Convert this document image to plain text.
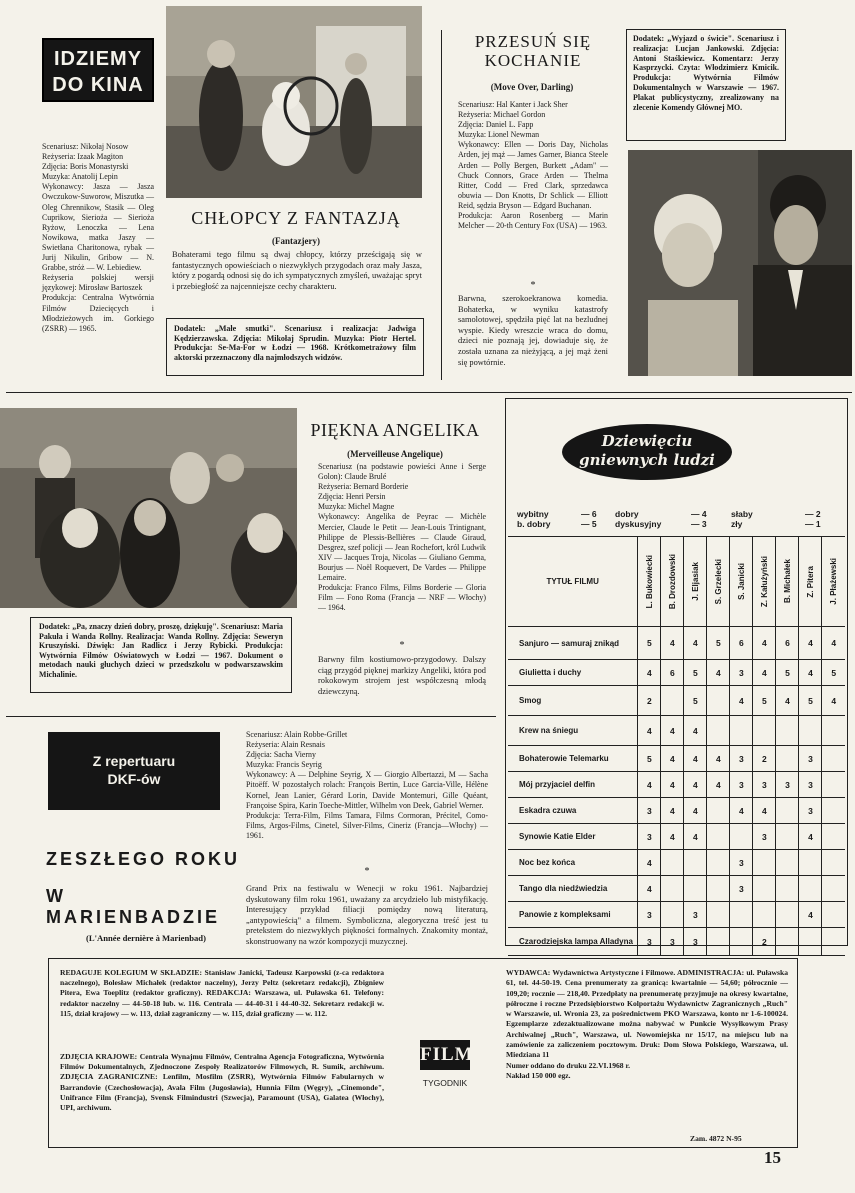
IDZIEMY
DO KINA
Scenariusz: Nikołaj Nosow
Reżyseria: Izaak Magiton
Zdjęcia: Boris Monastyrski
Muzyka: Anatolij Lepin
Wykonawcy: Jasza — Jasza Owczukow-Suworow, Miszutka — Oleg Chrennikow, Stasik — Oleg Cuprikow, Sierioża — Sierioża Ryżow, Lenoczka — Lena Nowikowa, matka Jaszy — Swietłana Charitonowa, rybak — Jurij Nikulin, Gribow — N. Grabbe, stróż — W. Lebiediew.
Reżyseria polskiej wersji językowej: Mirosław Bartoszek
Produkcja: Centralna Wytwórnia Filmów Dziecięcych i Młodzieżowych im. Gorkiego (ZSRR) — 1965.
CHŁOPCY Z FANTAZJĄ
(Fantazjery)
Bohaterami tego filmu są dwaj chłopcy, którzy prześcigają się w fantastycznych opowieściach o niezwykłych przygodach oraz mały Jasza, który z pogardą odnosi się do ich sympatycznych zmyśleń, uważając spryt i przebiegłość za najcenniejsze cechy charakteru.
Dodatek: „Małe smutki". Scenariusz i realizacja: Jadwiga Kędzierzawska. Zdjęcia: Mikołaj Sprudin. Muzyka: Piotr Hertel. Produkcja: Se-Ma-For w Łodzi — 1968. Krótkometrażowy film aktorski przeznaczony dla najmłodszych widzów.
PRZESUŃ SIĘ KOCHANIE
(Move Over, Darling)
Scenariusz: Hal Kanter i Jack Sher
Reżyseria: Michael Gordon
Zdjęcia: Daniel L. Fapp
Muzyka: Lionel Newman
Wykonawcy: Ellen — Doris Day, Nicholas Arden, jej mąż — James Garner, Bianca Steele Arden — Polly Bergen, Burkett „Adam" — Chuck Connors, Grace Arden — Thelma Ritter, Codd — Fred Clark, sprzedawca obuwia — Don Knotts, Dr Schlick — Elliott Reid, sędzia Bryson — Edgard Buchanan.
Produkcja: Aaron Rosenberg — Marin Melcher — 20-th Century Fox (USA) — 1963.
*
Barwna, szerokoekranowa komedia. Bohaterka, w wyniku katastrofy samolotowej, spędziła pięć lat na bezludnej wyspie. Kiedy wreszcie wraca do domu, dzieci nie poznają jej, dowiaduje się, że została uznana za nieżyjącą, a jej mąż żeni się powtórnie.
Dodatek: „Wyjazd o świcie". Scenariusz i realizacja: Lucjan Jankowski. Zdjęcia: Antoni Staśkiewicz. Komentarz: Jerzy Kasprzycki. Czyta: Włodzimierz Kmicik. Produkcja: Wytwórnia Filmów Dokumentalnych w Warszawie — 1967. Plakat publicystyczny, zrealizowany na zlecenie Komendy Głównej MO.
Dodatek: „Pa, znaczy dzień dobry, proszę, dziękuję". Scenariusz: Maria Pakuła i Wanda Rollny. Realizacja: Wanda Rollny. Zdjęcia: Seweryn Kruszyński. Dźwięk: Jan Radlicz i Jerzy Rybicki. Produkcja: Wytwórnia Filmów Oświatowych w Łodzi — 1967. Dokument o metodach nauki głuchych dzieci w przedszkolu w podwarszawskim Michalinie.
PIĘKNA ANGELIKA
(Merveilleuse Angelique)
Scenariusz (na podstawie powieści Anne i Serge Golon): Claude Brulé
Reżyseria: Bernard Borderie
Zdjęcia: Henri Persin
Muzyka: Michel Magne
Wykonawcy: Angelika de Peyrac — Michèle Mercier, Claude le Petit — Jean-Louis Trintignant, Philippe de Plessis-Bellières — Claude Giraud, Desgrez, szef policji — Jean Rochefort, król Ludwik XIV — Jacques Troja, Nicolas — Giuliano Gemma, Bourjus — Noël Roquevert, De Vardes — Philippe Lemaire.
Produkcja: Franco Films, Films Borderie — Gloria Film — Fono Roma (Francja — NRF — Włochy) — 1964.
*
Barwny film kostiumowo-przygodowy. Dalszy ciąg przygód pięknej markizy Angeliki, która pod rokokowym strojem jest współczesną młodą dziewczyną.
Z repertuaru DKF-ów
ZESZŁEGO ROKU
W MARIENBADZIE
(L'Année dernière à Marienbad)
Scenariusz: Alain Robbe-Grillet
Reżyseria: Alain Resnais
Zdjęcia: Sacha Vierny
Muzyka: Francis Seyrig
Wykonawcy: A — Delphine Seyrig, X — Giorgio Albertazzi, M — Sacha Pitoëff. W pozostałych rolach: François Bertin, Luce Garcia-Ville, Hélène Kornel, Jean Lanier, Gérard Lorin, Davide Montemuri, Gille Quéant, Françoise Spira, Karin Toeche-Mittler, Wilhelm von Deek, Gabriel Werner.
Produkcja: Terra-Film, Films Tamara, Films Cormoran, Précitel, Como-Films, Argos-Films, Cinetel, Silver-Films, Cineriz (Francja—Włochy) — 1961.
*
Grand Prix na festiwalu w Wenecji w roku 1961. Najbardziej dyskutowany film roku 1961, uważany za arcydzieło lub mistyfikację. Interesujący przykład filiacji pomiędzy nową literaturą, „antypowieścią" a filmem. Symboliczna, alegoryczna treść jest tu pretekstem do niezwykłych piękności formalnych. Znakomity montaż, skonstruowany na wzór kompozycji muzycznej.
Dziewięciu
gniewnych ludzi
wybitny	— 6	dobry	— 4	słaby	— 2
b. dobry	— 5	dyskusyjny	— 3	zły	— 1
TYTUŁ FILMU	L. Bukowiecki	B. Drozdowski	J. Eljasiak	S. Grzelecki	S. Janicki	Z. Kałużyński	B. Michałek	Z. Pitera	J. Płażewski

Sanjuro — samuraj znikąd	5	4	4	5	6	4	6	4	4
Giulietta i duchy	4	6	5	4	3	4	5	4	5
Smog	2		5		4	5	4	5	4
Krew na śniegu	4	4	4						
Bohaterowie Telemarku	5	4	4	4	3	2		3	
Mój przyjaciel delfin	4	4	4	4	3	3	3	3	
Eskadra czuwa	3	4	4		4	4		3	
Synowie Katie Elder	3	4	4			3		4	
Noc bez końca	4				3				
Tango dla niedźwiedzia	4				3				
Panowie z kompleksami	3		3					4	
Czarodziejska lampa Alladyna	3	3	3			2			
REDAGUJE KOLEGIUM W SKŁADZIE: Stanisław Janicki, Tadeusz Karpowski (z-ca redaktora naczelnego), Bolesław Michałek (redaktor naczelny), Jerzy Peltz (sekretarz redakcji), Zbigniew Pitera, Ewa Toeplitz (redaktor graficzny). REDAKCJA: Warszawa, ul. Puławska 61. Telefony: redaktor naczelny — 44-50-18 lub. w. 116. Centrala — 44-40-31 i 44-40-32. Sekretarz redakcji w. 115, dział krajowy — w. 113, dział zagraniczny — w. 115, dział graficzny — w. 112.
ZDJĘCIA KRAJOWE: Centrala Wynajmu Filmów, Centralna Agencja Fotograficzna, Wytwórnia Filmów Dokumentalnych, Zjednoczone Zespoły Realizatorów Filmowych, R. Sumik, archiwum. ZDJĘCIA ZAGRANICZNE: Lenfilm, Mosfilm (ZSRR), Wytwórnia Filmów Fabularnych w Barrandovie (Czechosłowacja), Avala Film (Jugosławia), Hunnia Film (Węgry), „Cinemonde", Unifrance Film (Francja), Svensk Filmindustri (Szwecja), Paramount (USA), Galatea (Włochy), UPI, archiwum.
FILM
TYGODNIK
WYDAWCA: Wydawnictwa Artystyczne i Filmowe. ADMINISTRACJA: ul. Puławska 61, tel. 44-50-19. Cena prenumeraty za granicą: kwartalnie — 54,60; półrocznie — 109,20; rocznie — 218,40. Przedpłaty na prenumeratę przyjmuje na okresy kwartalne, półroczne i roczne Przedsiębiorstwo Kolportażu Wydawnictw Zagranicznych „Ruch" w Warszawie, ul. Wronia 23, za pośrednictwem PKO Warszawa, konto nr 1-6-100024. Egzemplarze zdezaktualizowane można nabywać w Punkcie Wysyłkowym Prasy Archiwalnej „Ruch", Warszawa, ul. Nowomiejska nr 15/17, na miejscu lub na zamówienie za zaliczeniem pocztowym. Druk: Dom Słowa Polskiego, Warszawa, ul. Miedziana 11
Numer oddano do druku 22.VI.1968 r.
Nakład 150 000 egz.
Zam. 4872 N-95
15
